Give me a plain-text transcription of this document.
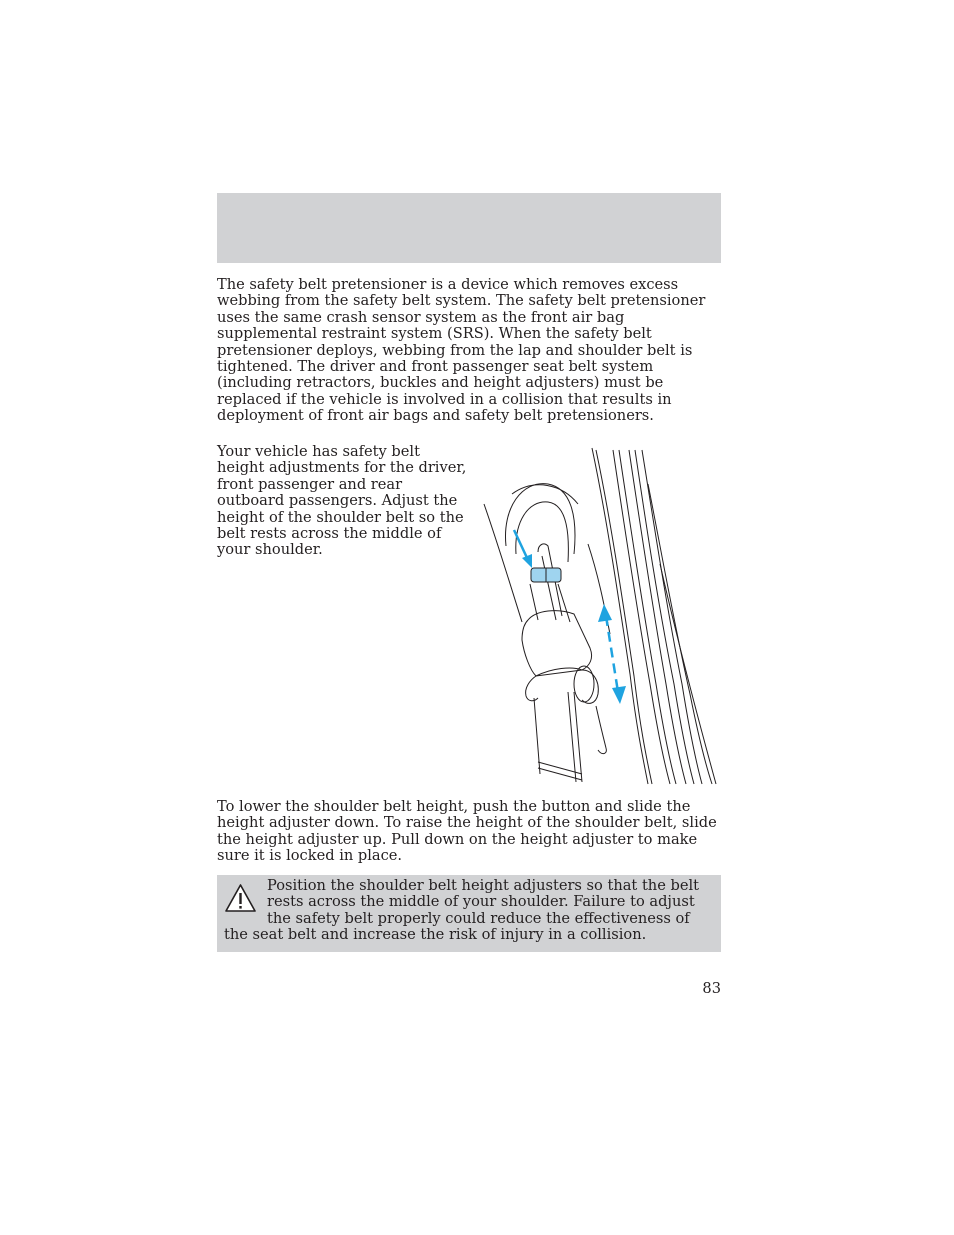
The safety belt pretensioner is a device which removes excess webbing from the safety belt system. The safety belt pretensioner uses the same crash sensor system as the front air bag supplemental restraint system (SRS). When the safety belt pretensioner deploys, webbing from the lap and shoulder belt is tightened. The driver and front passenger seat belt system (including retractors, buckles and height adjusters) must be replaced if the vehicle is involved in a collision that results in deployment of front air bags and safety belt pretensioners.

Your vehicle has safety belt height adjustments for the driver, front passenger and rear outboard passengers. Adjust the height of the shoulder belt so the belt rests across the middle of your shoulder.

To lower the shoulder belt height, push the button and slide the height adjuster down. To raise the height of the shoulder belt, slide the height adjuster up. Pull down on the height adjuster to make sure it is locked in place.

Position the shoulder belt height adjusters so that the belt rests across the middle of your shoulder. Failure to adjust the safety belt properly could reduce the effectiveness of the seat belt and increase the risk of injury in a collision.

83
